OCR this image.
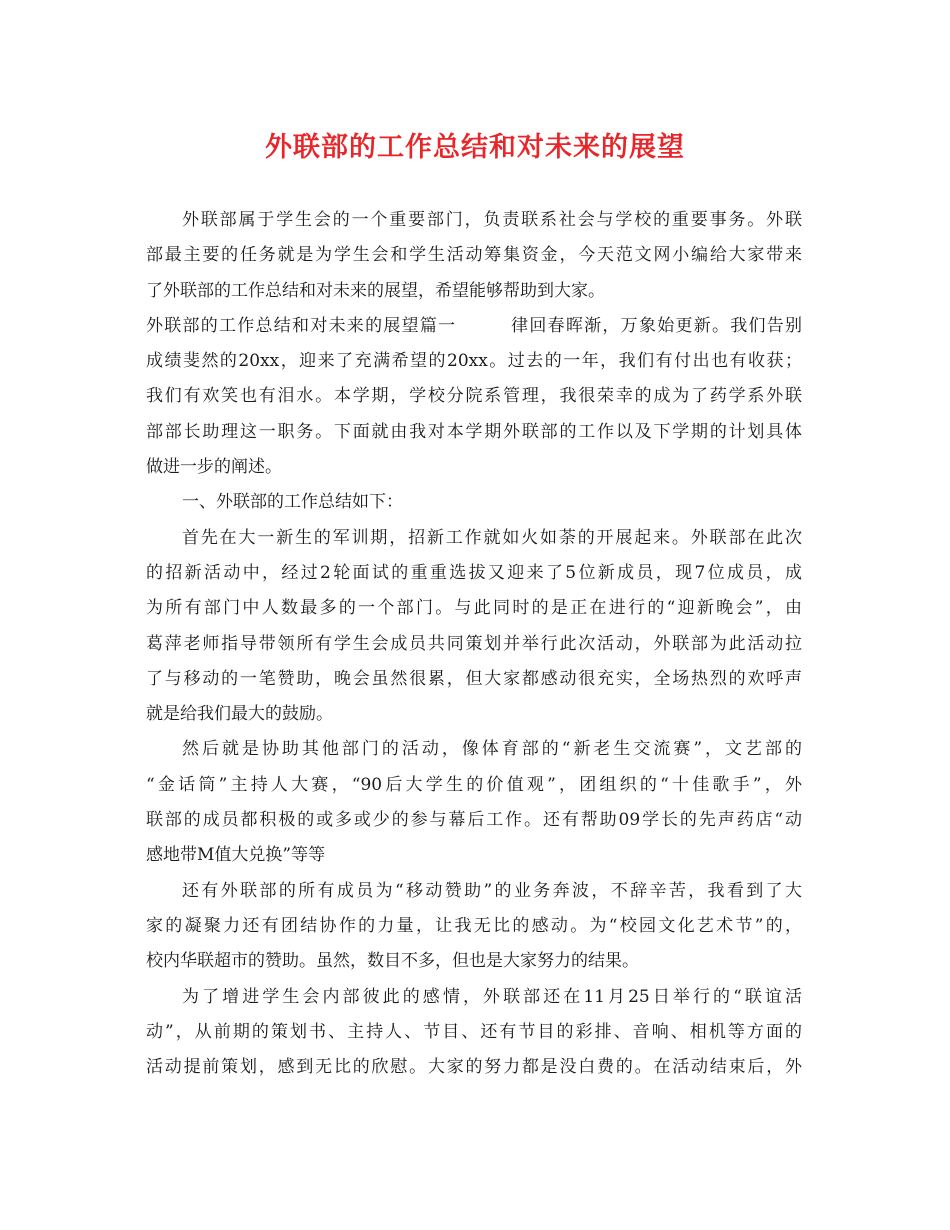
外联部的工作总结和对未来的展望
外联部属于学生会的一个重要部门，负责联系社会与学校的重要事务。外联
部最主要的任务就是为学生会和学生活动筹集资金，今天范文网小编给大家带来
了外联部的工作总结和对未来的展望，希望能够帮助到大家。
外联部的工作总结和对未来的展望篇一　　　律回春晖渐，万象始更新。我们告别
成绩斐然的20xx，迎来了充满希望的20xx。过去的一年，我们有付出也有收获；
我们有欢笑也有泪水。本学期，学校分院系管理，我很荣幸的成为了药学系外联
部部长助理这一职务。下面就由我对本学期外联部的工作以及下学期的计划具体
做进一步的阐述。
一、外联部的工作总结如下：
首先在大一新生的军训期，招新工作就如火如荼的开展起来。外联部在此次
的招新活动中，经过2轮面试的重重选拔又迎来了5位新成员，现7位成员，成
为所有部门中人数最多的一个部门。与此同时的是正在进行的“迎新晚会”，由
葛萍老师指导带领所有学生会成员共同策划并举行此次活动，外联部为此活动拉
了与移动的一笔赞助，晚会虽然很累，但大家都感动很充实，全场热烈的欢呼声
就是给我们最大的鼓励。
然后就是协助其他部门的活动，像体育部的“新老生交流赛”，文艺部的
“金话筒”主持人大赛，“90后大学生的价值观”，团组织的“十佳歌手”，外
联部的成员都积极的或多或少的参与幕后工作。还有帮助09学长的先声药店“动
感地带M值大兑换”等等
还有外联部的所有成员为“移动赞助”的业务奔波，不辞辛苦，我看到了大
家的凝聚力还有团结协作的力量，让我无比的感动。为“校园文化艺术节”的，
校内华联超市的赞助。虽然，数目不多，但也是大家努力的结果。
为了增进学生会内部彼此的感情，外联部还在11月25日举行的“联谊活
动”，从前期的策划书、主持人、节目、还有节目的彩排、音响、相机等方面的
活动提前策划，感到无比的欣慰。大家的努力都是没白费的。在活动结束后，外
